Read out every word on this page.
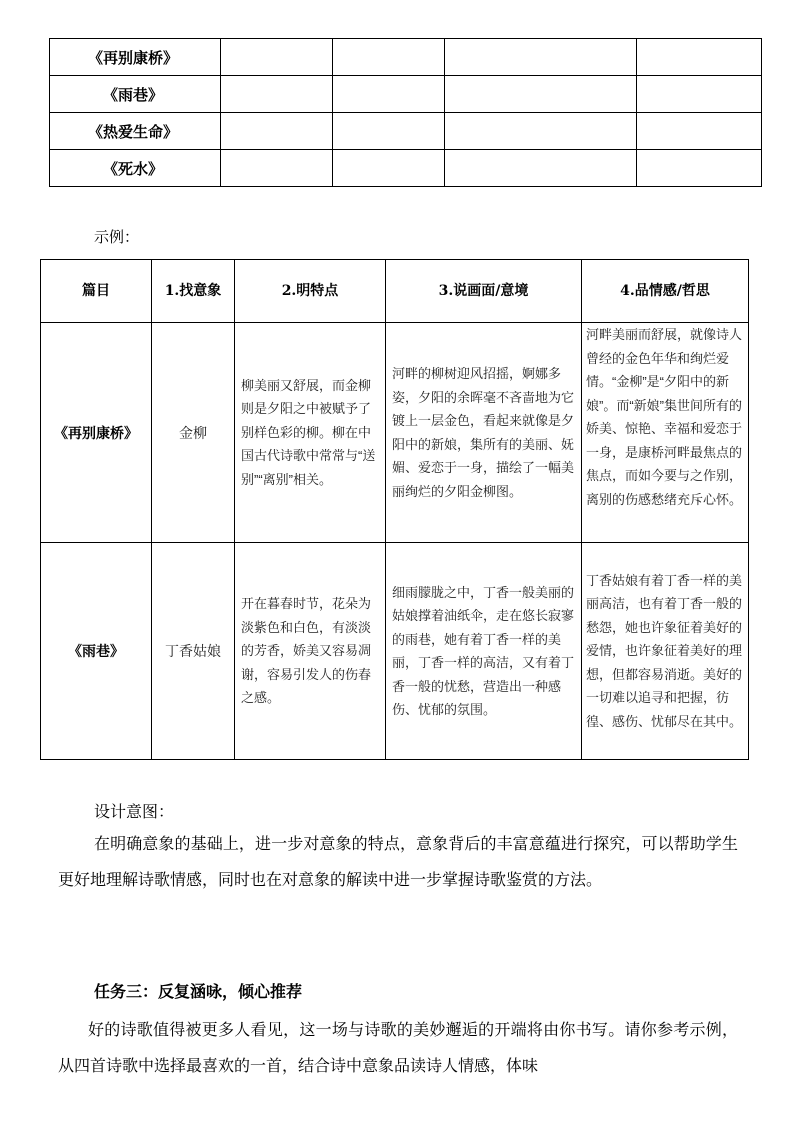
《再别康桥》				
《雨巷》				
《热爱生命》				
《死水》				
示例：
篇目	1.找意象	2.明特点	3.说画面/意境	4.品情感/哲思
《再别康桥》	金柳	柳美丽又舒展，而金柳则是夕阳之中被赋予了别样色彩的柳。柳在中国古代诗歌中常常与“送别”“离别”相关。	河畔的柳树迎风招摇，婀娜多姿，夕阳的余晖毫不吝啬地为它镀上一层金色，看起来就像是夕阳中的新娘，集所有的美丽、妩媚、爱恋于一身，描绘了一幅美丽绚烂的夕阳金柳图。	河畔美丽而舒展，就像诗人曾经的金色年华和绚烂爱情。“金柳”是“夕阳中的新娘”。而“新娘”集世间所有的娇美、惊艳、幸福和爱恋于一身，是康桥河畔最焦点的焦点，而如今要与之作别，离别的伤感愁绪充斥心怀。
《雨巷》	丁香姑娘	开在暮春时节，花朵为淡紫色和白色，有淡淡的芳香，娇美又容易凋谢，容易引发人的伤春之感。	细雨朦胧之中，丁香一般美丽的姑娘撑着油纸伞，走在悠长寂寥的雨巷，她有着丁香一样的美丽，丁香一样的高洁，又有着丁香一般的忧愁，营造出一种感伤、忧郁的氛围。	丁香姑娘有着丁香一样的美丽高洁，也有着丁香一般的愁怨，她也许象征着美好的爱情，也许象征着美好的理想，但都容易消逝。美好的一切难以追寻和把握，彷徨、感伤、忧郁尽在其中。
设计意图：
在明确意象的基础上，进一步对意象的特点，意象背后的丰富意蕴进行探究，可以帮助学生更好地理解诗歌情感，同时也在对意象的解读中进一步掌握诗歌鉴赏的方法。
任务三：反复涵咏，倾心推荐
好的诗歌值得被更多人看见，这一场与诗歌的美妙邂逅的开端将由你书写。请你参考示例，从四首诗歌中选择最喜欢的一首，结合诗中意象品读诗人情感，体味
